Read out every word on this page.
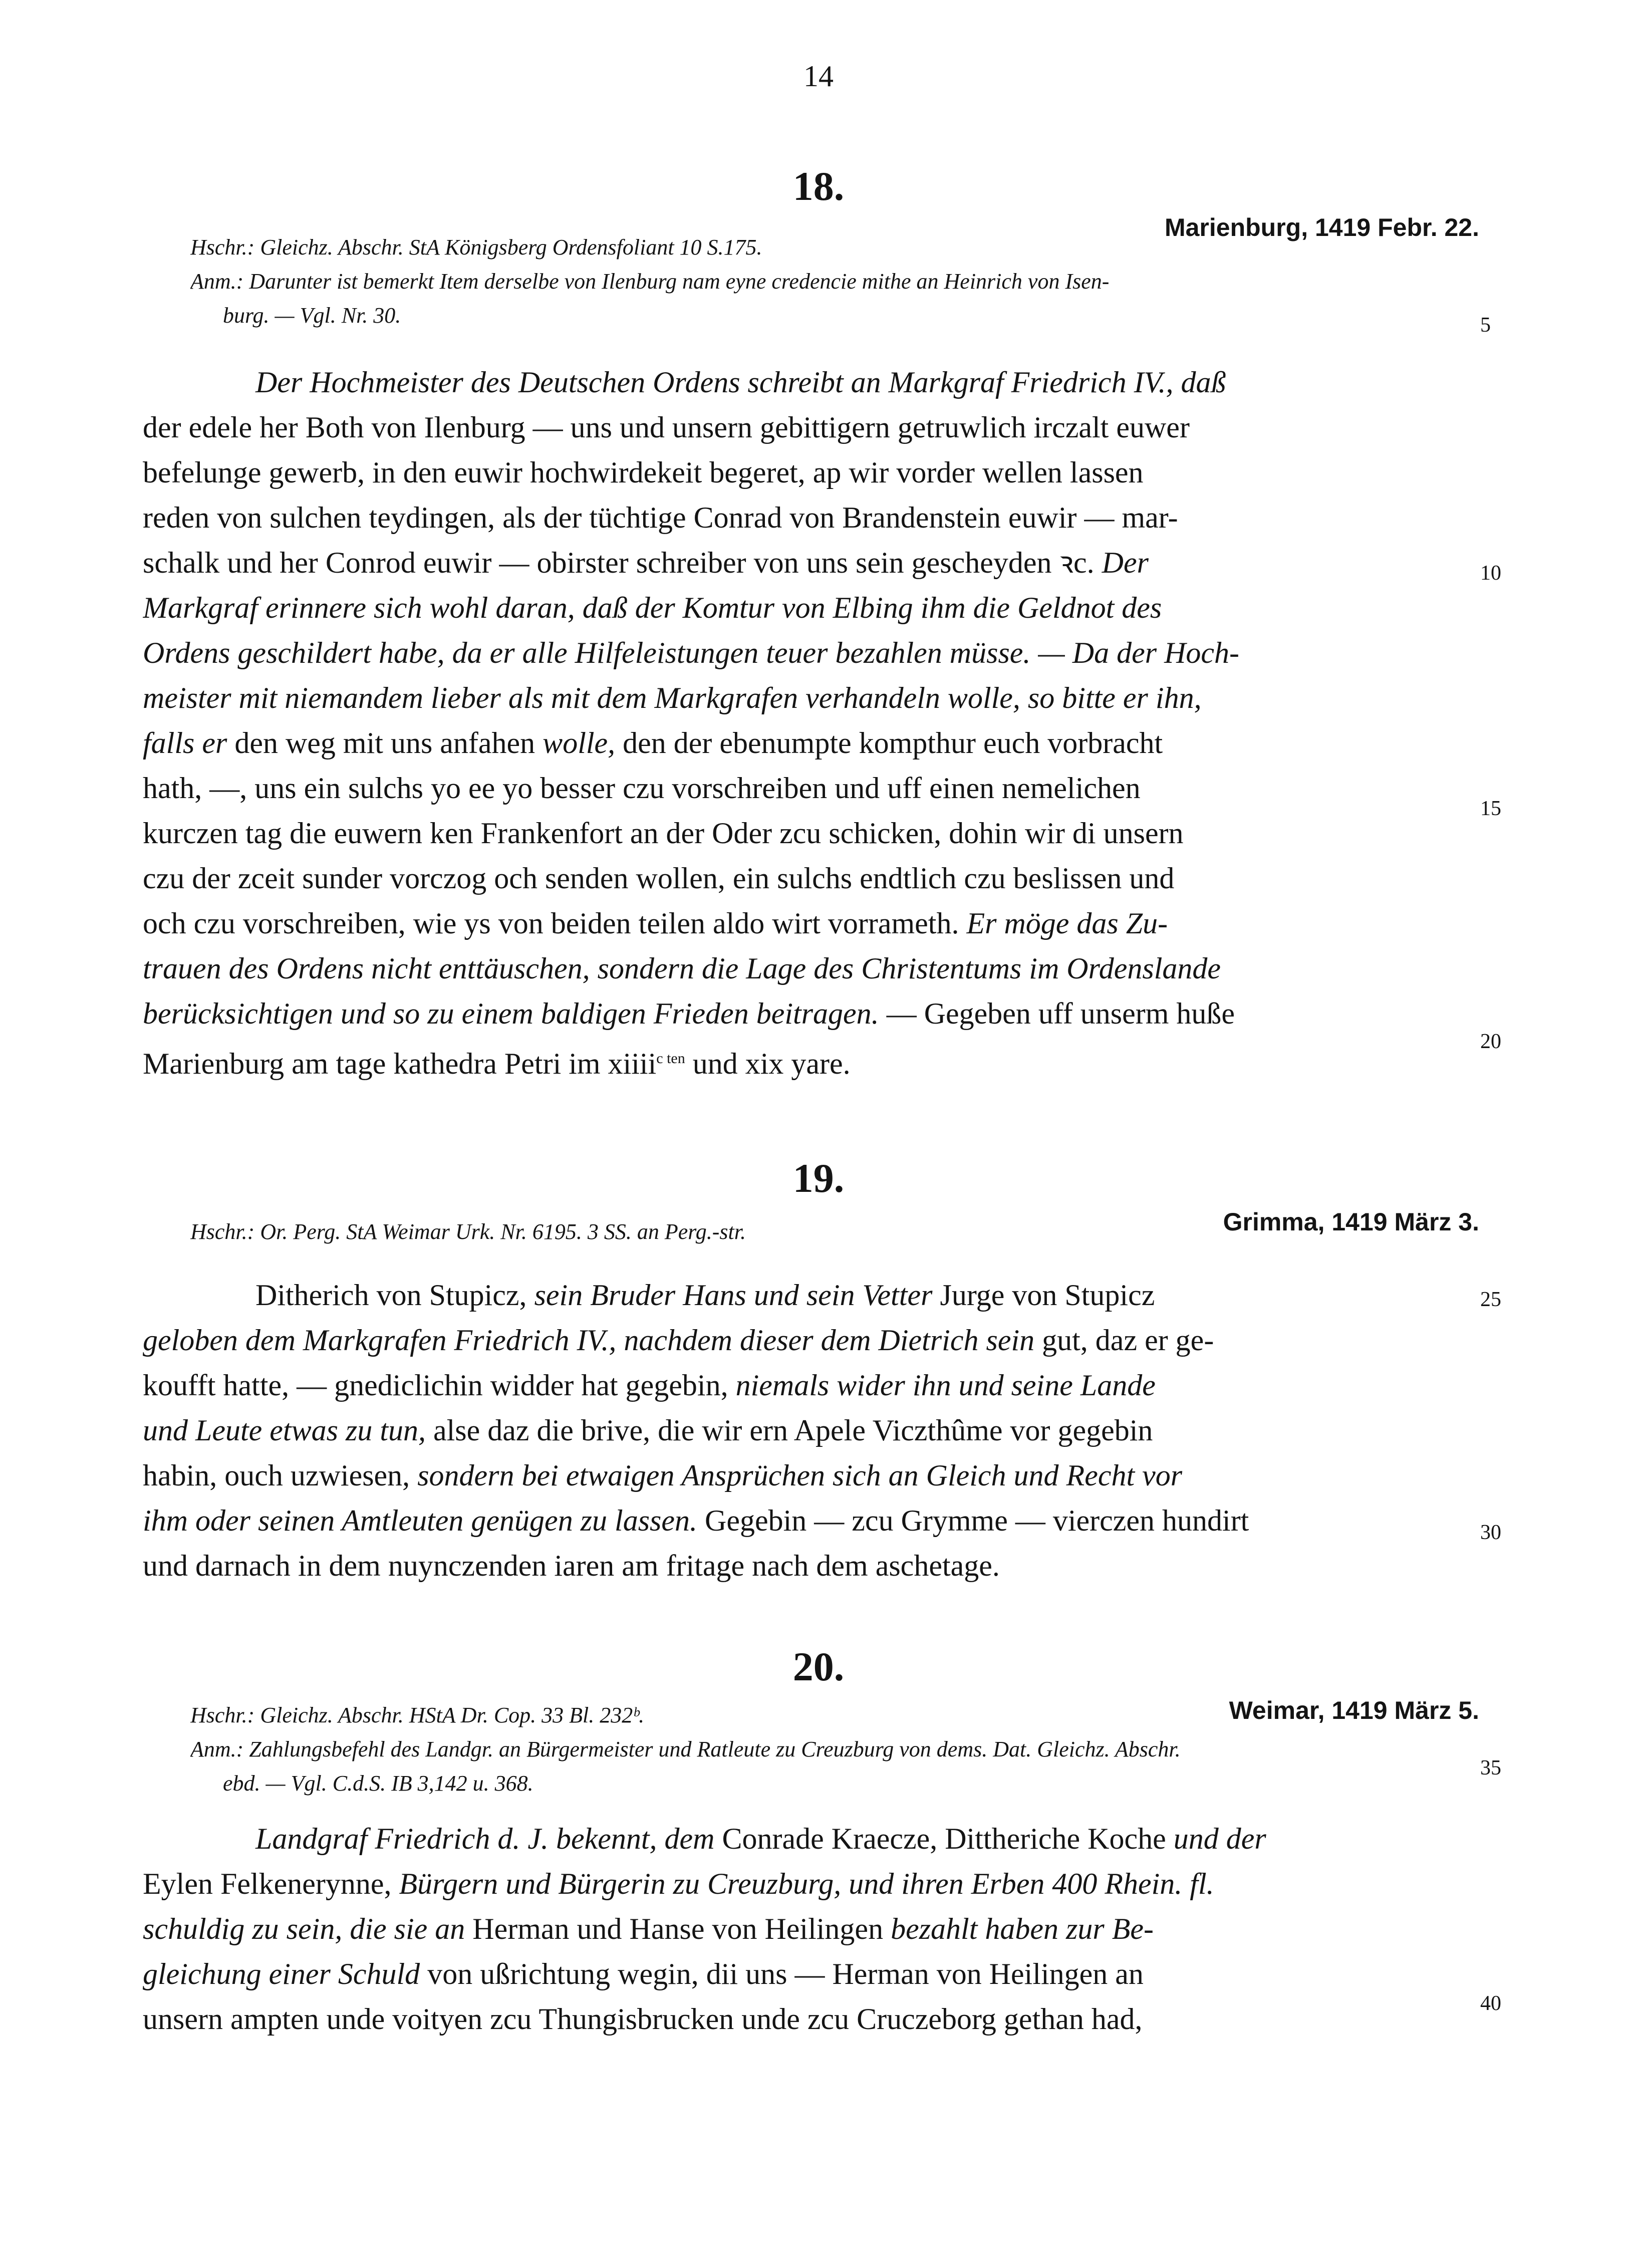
14
18.
Marienburg, 1419 Febr. 22.
Hschr.: Gleichz. Abschr. StA Königsberg Ordensfoliant 10 S.175.
Anm.: Darunter ist bemerkt Item derselbe von Ilenburg nam eyne credencie mithe an Heinrich von Isen-
burg. — Vgl. Nr. 30.
Der Hochmeister des Deutschen Ordens schreibt an Markgraf Friedrich IV., daß
der edele her Both von Ilenburg — uns und unsern gebittigern getruwlich irczalt euwer
befelunge gewerb, in den euwir hochwirdekeit begeret, ap wir vorder wellen lassen
reden von sulchen teydingen, als der tüchtige Conrad von Brandenstein euwir — mar-
schalk und her Conrod euwir — obirster schreiber von uns sein gescheyden ꝛc. Der
Markgraf erinnere sich wohl daran, daß der Komtur von Elbing ihm die Geldnot des
Ordens geschildert habe, da er alle Hilfeleistungen teuer bezahlen müsse. — Da der Hoch-
meister mit niemandem lieber als mit dem Markgrafen verhandeln wolle, so bitte er ihn,
falls er den weg mit uns anfahen wolle, den der ebenumpte kompthur euch vorbracht
hath, —, uns ein sulchs yo ee yo besser czu vorschreiben und uff einen nemelichen
kurczen tag die euwern ken Frankenfort an der Oder zcu schicken, dohin wir di unsern
czu der zceit sunder vorczog och senden wollen, ein sulchs endtlich czu beslissen und
och czu vorschreiben, wie ys von beiden teilen aldo wirt vorrameth. Er möge das Zu-
trauen des Ordens nicht enttäuschen, sondern die Lage des Christentums im Ordenslande
berücksichtigen und so zu einem baldigen Frieden beitragen. — Gegeben uff unserm huße
Marienburg am tage kathedra Petri im xiiii$^{c ten}$ und xix yare.
19.
Grimma, 1419 März 3.
Hschr.: Or. Perg. StA Weimar Urk. Nr. 6195. 3 SS. an Perg.-str.
Ditherich von Stupicz, sein Bruder Hans und sein Vetter Jurge von Stupicz
geloben dem Markgrafen Friedrich IV., nachdem dieser dem Dietrich sein gut, daz er ge-
koufft hatte, — gnediclichin widder hat gegebin, niemals wider ihn und seine Lande
und Leute etwas zu tun, alse daz die brive, die wir ern Apele Viczthûme vor gegebin
habin, ouch uzwiesen, sondern bei etwaigen Ansprüchen sich an Gleich und Recht vor
ihm oder seinen Amtleuten genügen zu lassen. Gegebin — zcu Grymme — vierczen hundirt
und darnach in dem nuynczenden iaren am fritage nach dem aschetage.
20.
Weimar, 1419 März 5.
Hschr.: Gleichz. Abschr. HStA Dr. Cop. 33 Bl. 232ᵇ.
Anm.: Zahlungsbefehl des Landgr. an Bürgermeister und Ratleute zu Creuzburg von dems. Dat. Gleichz. Abschr.
ebd. — Vgl. C.d.S. IB 3,142 u. 368.
Landgraf Friedrich d. J. bekennt, dem Conrade Kraecze, Dittheriche Koche und der
Eylen Felkenerynne, Bürgern und Bürgerin zu Creuzburg, und ihren Erben 400 Rhein. fl.
schuldig zu sein, die sie an Herman und Hanse von Heilingen bezahlt haben zur Be-
gleichung einer Schuld von ußrichtung wegin, dii uns — Herman von Heilingen an
unsern ampten unde voityen zcu Thungisbrucken unde zcu Cruczeborg gethan had,
5
10
15
20
25
30
35
40
